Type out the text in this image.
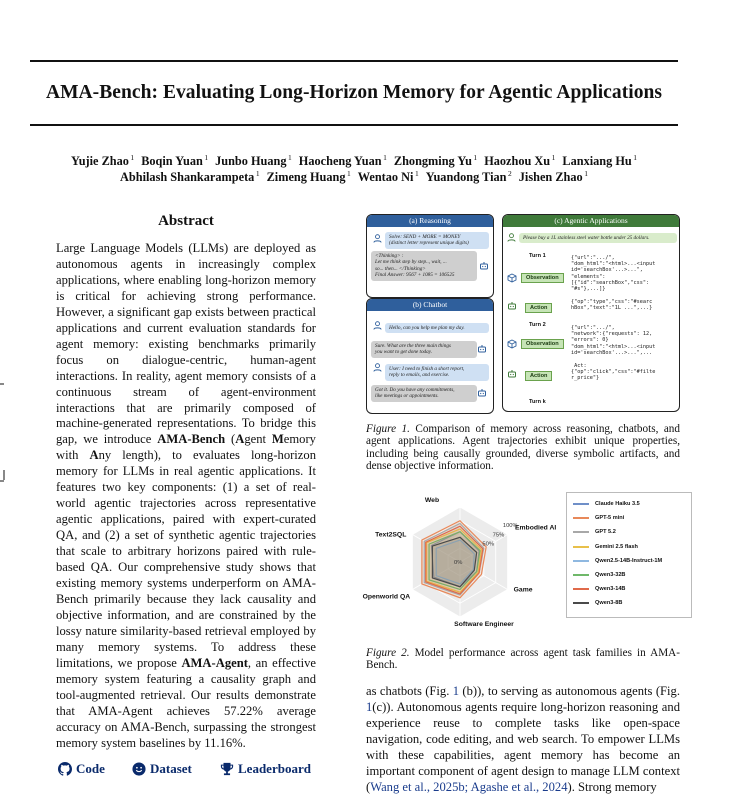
AMA-Bench: Evaluating Long-Horizon Memory for Agentic Applications
Yujie Zhao $^1$ Boqin Yuan $^1$ Junbo Huang $^1$ Haocheng Yuan $^1$ Zhongming Yu $^1$ Haozhou Xu $^1$ Lanxiang Hu $^1$
Abhilash Shankarampeta $^1$ Zimeng Huang $^1$ Wentao Ni $^1$ Yuandong Tian $^2$ Jishen Zhao $^1$
Abstract
Large Language Models (LLMs) are deployed as autonomous agents in increasingly complex applications, where enabling long-horizon memory is critical for achieving strong performance. However, a significant gap exists between practical applications and current evaluation standards for agent memory: existing benchmarks primarily focus on dialogue-centric, human-agent interactions. In reality, agent memory consists of a continuous stream of agent-environment interactions that are primarily composed of machine-generated representations. To bridge this gap, we introduce AMA-Bench (Agent Memory with Any length), to evaluates long-horizon memory for LLMs in real agentic applications. It features two key components: (1) a set of real-world agentic trajectories across representative agentic applications, paired with expert-curated QA, and (2) a set of synthetic agentic trajectories that scale to arbitrary horizons paired with rule-based QA. Our comprehensive study shows that existing memory systems underperform on AMA-Bench primarily because they lack causality and objective information, and are constrained by the lossy nature similarity-based retrieval employed by many memory systems. To address these limitations, we propose AMA-Agent, an effective memory system featuring a causality graph and tool-augmented retrieval. Our results demonstrate that AMA-Agent achieves 57.22% average accuracy on AMA-Bench, surpassing the strongest memory system baselines by 11.16%.
Code	Dataset	Leaderboard
(a) Reasoning
Solve: SEND + MORE = MONEY
(distinct letter represent unique digits)
<Thinking> :
Let me think step by step.., wait, ...
so... then... </Thinking>
Final Answer: 9567 + 1085 = 106525
(b) Chatbot
Hello, can you help me plan my day.
Sure. What are the three main things
you want to get done today.
User: I need to finish a short report,
reply to emails, and exercise.
Got it. Do you have any commitments,
like meetings or appointments.
(c) Agentic Applications
Please buy a 1L stainless steel water bottle under 25 dollars.
Turn 1
Observation
{"url":".../",
"dom_html":"<html>...<input
id='searchBox'...>...",
"elements":
[{"id":"searchBox","css":
"#s"},...]}
Action
{"op":"type","css":"#searc
hBox","text":"1L ...",...}
Turn 2
Observation
{"url":".../",
"network":{"requests": 12,
"errors": 0}
"dom_html":"<html>...<input
id='searchBox'...>...",...
Action
Act:
{"op":"click","css":"#filte
r_price"}
Turn k
Figure 1. Comparison of memory across reasoning, chatbots, and agent applications. Agent trajectories exhibit unique properties, including being causally grounded, diverse symbolic artifacts, and dense objective information.
0%
50%
75%
100%
Web
Embodied AI
Game
Software Engineer
Openworld QA
Text2SQL
Claude Haiku 3.5
GPT-5 mini
GPT 5.2
Gemini 2.5 flash
Qwen2.5-14B-Instruct-1M
Qwen3-32B
Qwen3-14B
Qwen3-8B
Figure 2. Model performance across agent task families in AMA-Bench.
as chatbots (Fig. 1 (b)), to serving as autonomous agents (Fig. 1(c)). Autonomous agents require long-horizon reasoning and experience reuse to complete tasks like open-space navigation, code editing, and web search. To empower LLMs with these capabilities, agent memory has become an important component of agent design to manage LLM context (Wang et al., 2025b; Agashe et al., 2024). Strong memory
